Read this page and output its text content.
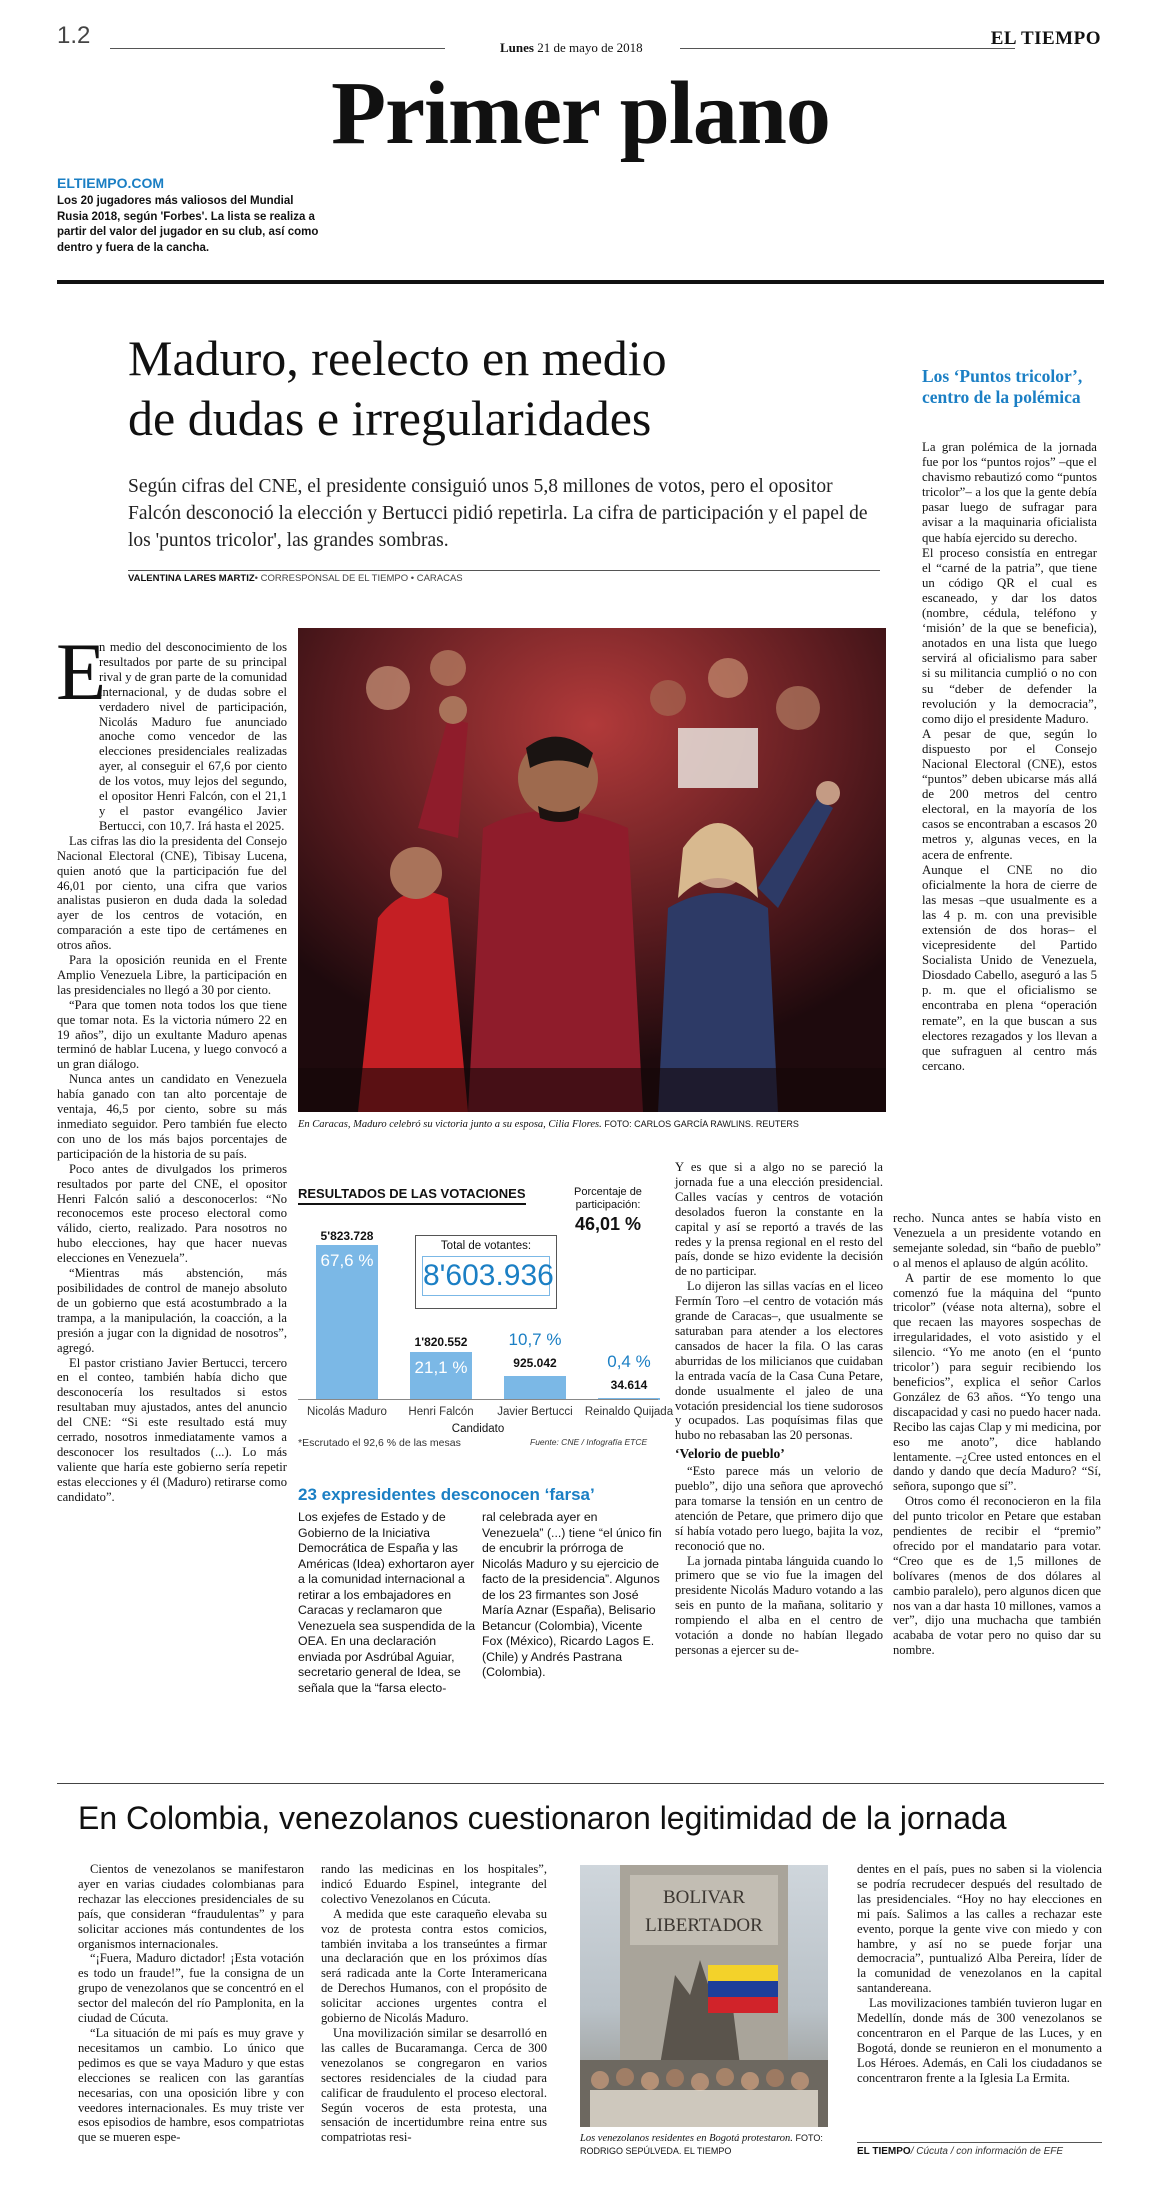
1.2	Lunes 21 de mayo de 2018	EL TIEMPO
Primer plano
ELTIEMPO.COM
Los 20 jugadores más valiosos del Mundial Rusia 2018, según 'Forbes'. La lista se realiza a partir del valor del jugador en su club, así como dentro y fuera de la cancha.
Maduro, reelecto en medio
de dudas e irregularidades
Según cifras del CNE, el presidente consiguió unos 5,8 millones de votos, pero el opositor Falcón desconoció la elección y Bertucci pidió repetirla. La cifra de participación y el papel de los 'puntos tricolor', las grandes sombras.
VALENTINA LARES MARTIZ• CORRESPONSAL DE EL TIEMPO • CARACAS
Los ‘Puntos tricolor’, centro de la polémica

La gran polémica de la jornada fue por los “puntos rojos” –que el chavismo rebautizó como “puntos tricolor”– a los que la gente debía pasar luego de sufragar para avisar a la maquinaria oficialista que había ejercido su derecho.

El proceso consistía en entregar el “carné de la patria”, que tiene un código QR el cual es escaneado, y dar los datos (nombre, cédula, teléfono y ‘misión’ de la que se beneficia), anotados en una lista que luego servirá al oficialismo para saber si su militancia cumplió o no con su “deber de defender la revolución y la democracia”, como dijo el presidente Maduro.

A pesar de que, según lo dispuesto por el Consejo Nacional Electoral (CNE), estos “puntos” deben ubicarse más allá de 200 metros del centro electoral, en la mayoría de los casos se encontraban a escasos 20 metros y, algunas veces, en la acera de enfrente.

Aunque el CNE no dio oficialmente la hora de cierre de las mesas –que usualmente es a las 4 p. m. con una previsible extensión de dos horas– el vicepresidente del Partido Socialista Unido de Venezuela, Diosdado Cabello, aseguró a las 5 p. m. que el oficialismo se encontraba en plena “operación remate”, en la que buscan a sus electores rezagados y los llevan a que sufraguen al centro más cercano.

E

n medio del desconocimiento de los resultados por parte de su principal rival y de gran parte de la comunidad internacional, y de dudas sobre el verdadero nivel de participación, Nicolás Maduro fue anunciado anoche como vencedor de las elecciones presidenciales realizadas ayer, al conseguir el 67,6 por ciento de los votos, muy lejos del segundo, el opositor Henri Falcón, con el 21,1 y el pastor evangélico Javier Bertucci, con 10,7. Irá hasta el 2025.

Las cifras las dio la presidenta del Consejo Nacional Electoral (CNE), Tibisay Lucena, quien anotó que la participación fue del 46,01 por ciento, una cifra que varios analistas pusieron en duda dada la soledad ayer de los centros de votación, en comparación a este tipo de certámenes en otros años.

Para la oposición reunida en el Frente Amplio Venezuela Libre, la participación en las presidenciales no llegó a 30 por ciento.

“Para que tomen nota todos los que tiene que tomar nota. Es la victoria número 22 en 19 años”, dijo un exultante Maduro apenas terminó de hablar Lucena, y luego convocó a un gran diálogo.

Nunca antes un candidato en Venezuela había ganado con tan alto porcentaje de ventaja, 46,5 por ciento, sobre su más inmediato seguidor. Pero también fue electo con uno de los más bajos porcentajes de participación de la historia de su país.

Poco antes de divulgados los primeros resultados por parte del CNE, el opositor Henri Falcón salió a desconocerlos: “No reconocemos este proceso electoral como válido, cierto, realizado. Para nosotros no hubo elecciones, hay que hacer nuevas elecciones en Venezuela”.

“Mientras más abstención, más posibilidades de control de manejo absoluto de un gobierno que está acostumbrado a la trampa, a la manipulación, la coacción, a la presión a jugar con la dignidad de nosotros”, agregó.

El pastor cristiano Javier Bertucci, tercero en el conteo, también había dicho que desconocería los resultados si estos resultaban muy ajustados, antes del anuncio del CNE: “Si este resultado está muy cerrado, nosotros inmediatamente vamos a desconocer los resultados (...). Lo más valiente que haría este gobierno sería repetir estas elecciones y él (Maduro) retirarse como candidato”.

En Caracas, Maduro celebró su victoria junto a su esposa, Cilia Flores. FOTO: CARLOS GARCÍA RAWLINS. REUTERS
RESULTADOS DE LAS VOTACIONES	Porcentaje de participación:
46,01 %
Total de votantes:
8'603.936
67,6 %
5'823.728
Nicolás Maduro
21,1 %
1'820.552
Henri Falcón
10,7 %
925.042
Javier Bertucci
0,4 %
34.614
Reinaldo Quijada
Candidato
*Escrutado el 92,6 % de las mesas	Fuente: CNE / Infografía ETCE
23 expresidentes desconocen ‘farsa’
Los exjefes de Estado y de Gobierno de la Iniciativa Democrática de España y las Américas (Idea) exhortaron ayer a la comunidad internacional a retirar a los embajadores en Caracas y reclamaron que Venezuela sea suspendida de la OEA. En una declaración enviada por Asdrúbal Aguiar, secretario general de Idea, se señala que la “farsa electo-
ral celebrada ayer en Venezuela” (...) tiene “el único fin de encubrir la prórroga de Nicolás Maduro y su ejercicio de facto de la presidencia”. Algunos de los 23 firmantes son José María Aznar (España), Belisario Betancur (Colombia), Vicente Fox (México), Ricardo Lagos E. (Chile) y Andrés Pastrana (Colombia).

Y es que si a algo no se pareció la jornada fue a una elección presidencial. Calles vacías y centros de votación desolados fueron la constante en la capital y así se reportó a través de las redes y la prensa regional en el resto del país, donde se hizo evidente la decisión de no participar.

Lo dijeron las sillas vacías en el liceo Fermín Toro –el centro de votación más grande de Caracas–, que usualmente se saturaban para atender a los electores cansados de hacer la fila. O las caras aburridas de los milicianos que cuidaban la entrada vacía de la Casa Cuna Petare, donde usualmente el jaleo de una votación presidencial los tiene sudorosos y ocupados. Las poquísimas filas que hubo no rebasaban las 20 personas.

‘Velorio de pueblo’

“Esto parece más un velorio de pueblo”, dijo una señora que aprovechó para tomarse la tensión en un centro de atención de Petare, que primero dijo que sí había votado pero luego, bajita la voz, reconoció que no.

La jornada pintaba lánguida cuando lo primero que se vio fue la imagen del presidente Nicolás Maduro votando a las seis en punto de la mañana, solitario y rompiendo el alba en el centro de votación a donde no habían llegado personas a ejercer su de-

recho. Nunca antes se había visto en Venezuela a un presidente votando en semejante soledad, sin “baño de pueblo” o al menos el aplauso de algún acólito.

A partir de ese momento lo que comenzó fue la máquina del “punto tricolor” (véase nota alterna), sobre el que recaen las mayores sospechas de irregularidades, el voto asistido y el silencio. “Yo me anoto (en el ‘punto tricolor’) para seguir recibiendo los beneficios”, explica el señor Carlos González de 63 años. “Yo tengo una discapacidad y casi no puedo hacer nada. Recibo las cajas Clap y mi medicina, por eso me anoto”, dice hablando lentamente. –¿Cree usted entonces en el dando y dando que decía Maduro? “Sí, señora, supongo que sí”.

Otros como él reconocieron en la fila del punto tricolor en Petare que estaban pendientes de recibir el “premio” ofrecido por el mandatario para votar. “Creo que es de 1,5 millones de bolívares (menos de dos dólares al cambio paralelo), pero algunos dicen que nos van a dar hasta 10 millones, vamos a ver”, dijo una muchacha que también acababa de votar pero no quiso dar su nombre.

En Colombia, venezolanos cuestionaron legitimidad de la jornada

Cientos de venezolanos se manifestaron ayer en varias ciudades colombianas para rechazar las elecciones presidenciales de su país, que consideran “fraudulentas” y para solicitar acciones más contundentes de los organismos internacionales.

“¡Fuera, Maduro dictador! ¡Esta votación es todo un fraude!”, fue la consigna de un grupo de venezolanos que se concentró en el sector del malecón del río Pamplonita, en la ciudad de Cúcuta.

“La situación de mi país es muy grave y necesitamos un cambio. Lo único que pedimos es que se vaya Maduro y que estas elecciones se realicen con las garantías necesarias, con una oposición libre y con veedores internacionales. Es muy triste ver esos episodios de hambre, esos compatriotas que se mueren espe-

rando las medicinas en los hospitales”, indicó Eduardo Espinel, integrante del colectivo Venezolanos en Cúcuta.

A medida que este caraqueño elevaba su voz de protesta contra estos comicios, también invitaba a los transeúntes a firmar una declaración que en los próximos días será radicada ante la Corte Interamericana de Derechos Humanos, con el propósito de solicitar acciones urgentes contra el gobierno de Nicolás Maduro.

Una movilización similar se desarrolló en las calles de Bucaramanga. Cerca de 300 venezolanos se congregaron en varios sectores residenciales de la ciudad para calificar de fraudulento el proceso electoral. Según voceros de esta protesta, una sensación de incertidumbre reina entre sus compatriotas resi-

BOLIVAR
LIBERTADOR
Los venezolanos residentes en Bogotá protestaron. FOTO: RODRIGO SEPÚLVEDA. EL TIEMPO

dentes en el país, pues no saben si la violencia se podría recrudecer después del resultado de las presidenciales. “Hoy no hay elecciones en mi país. Salimos a las calles a rechazar este evento, porque la gente vive con miedo y con hambre, y así no se puede forjar una democracia”, puntualizó Alba Pereira, líder de la comunidad de venezolanos en la capital santandereana.

Las movilizaciones también tuvieron lugar en Medellín, donde más de 300 venezolanos se concentraron en el Parque de las Luces, y en Bogotá, donde se reunieron en el monumento a Los Héroes. Además, en Cali los ciudadanos se concentraron frente a la Iglesia La Ermita.

EL TIEMPO/ Cúcuta / con información de EFE
